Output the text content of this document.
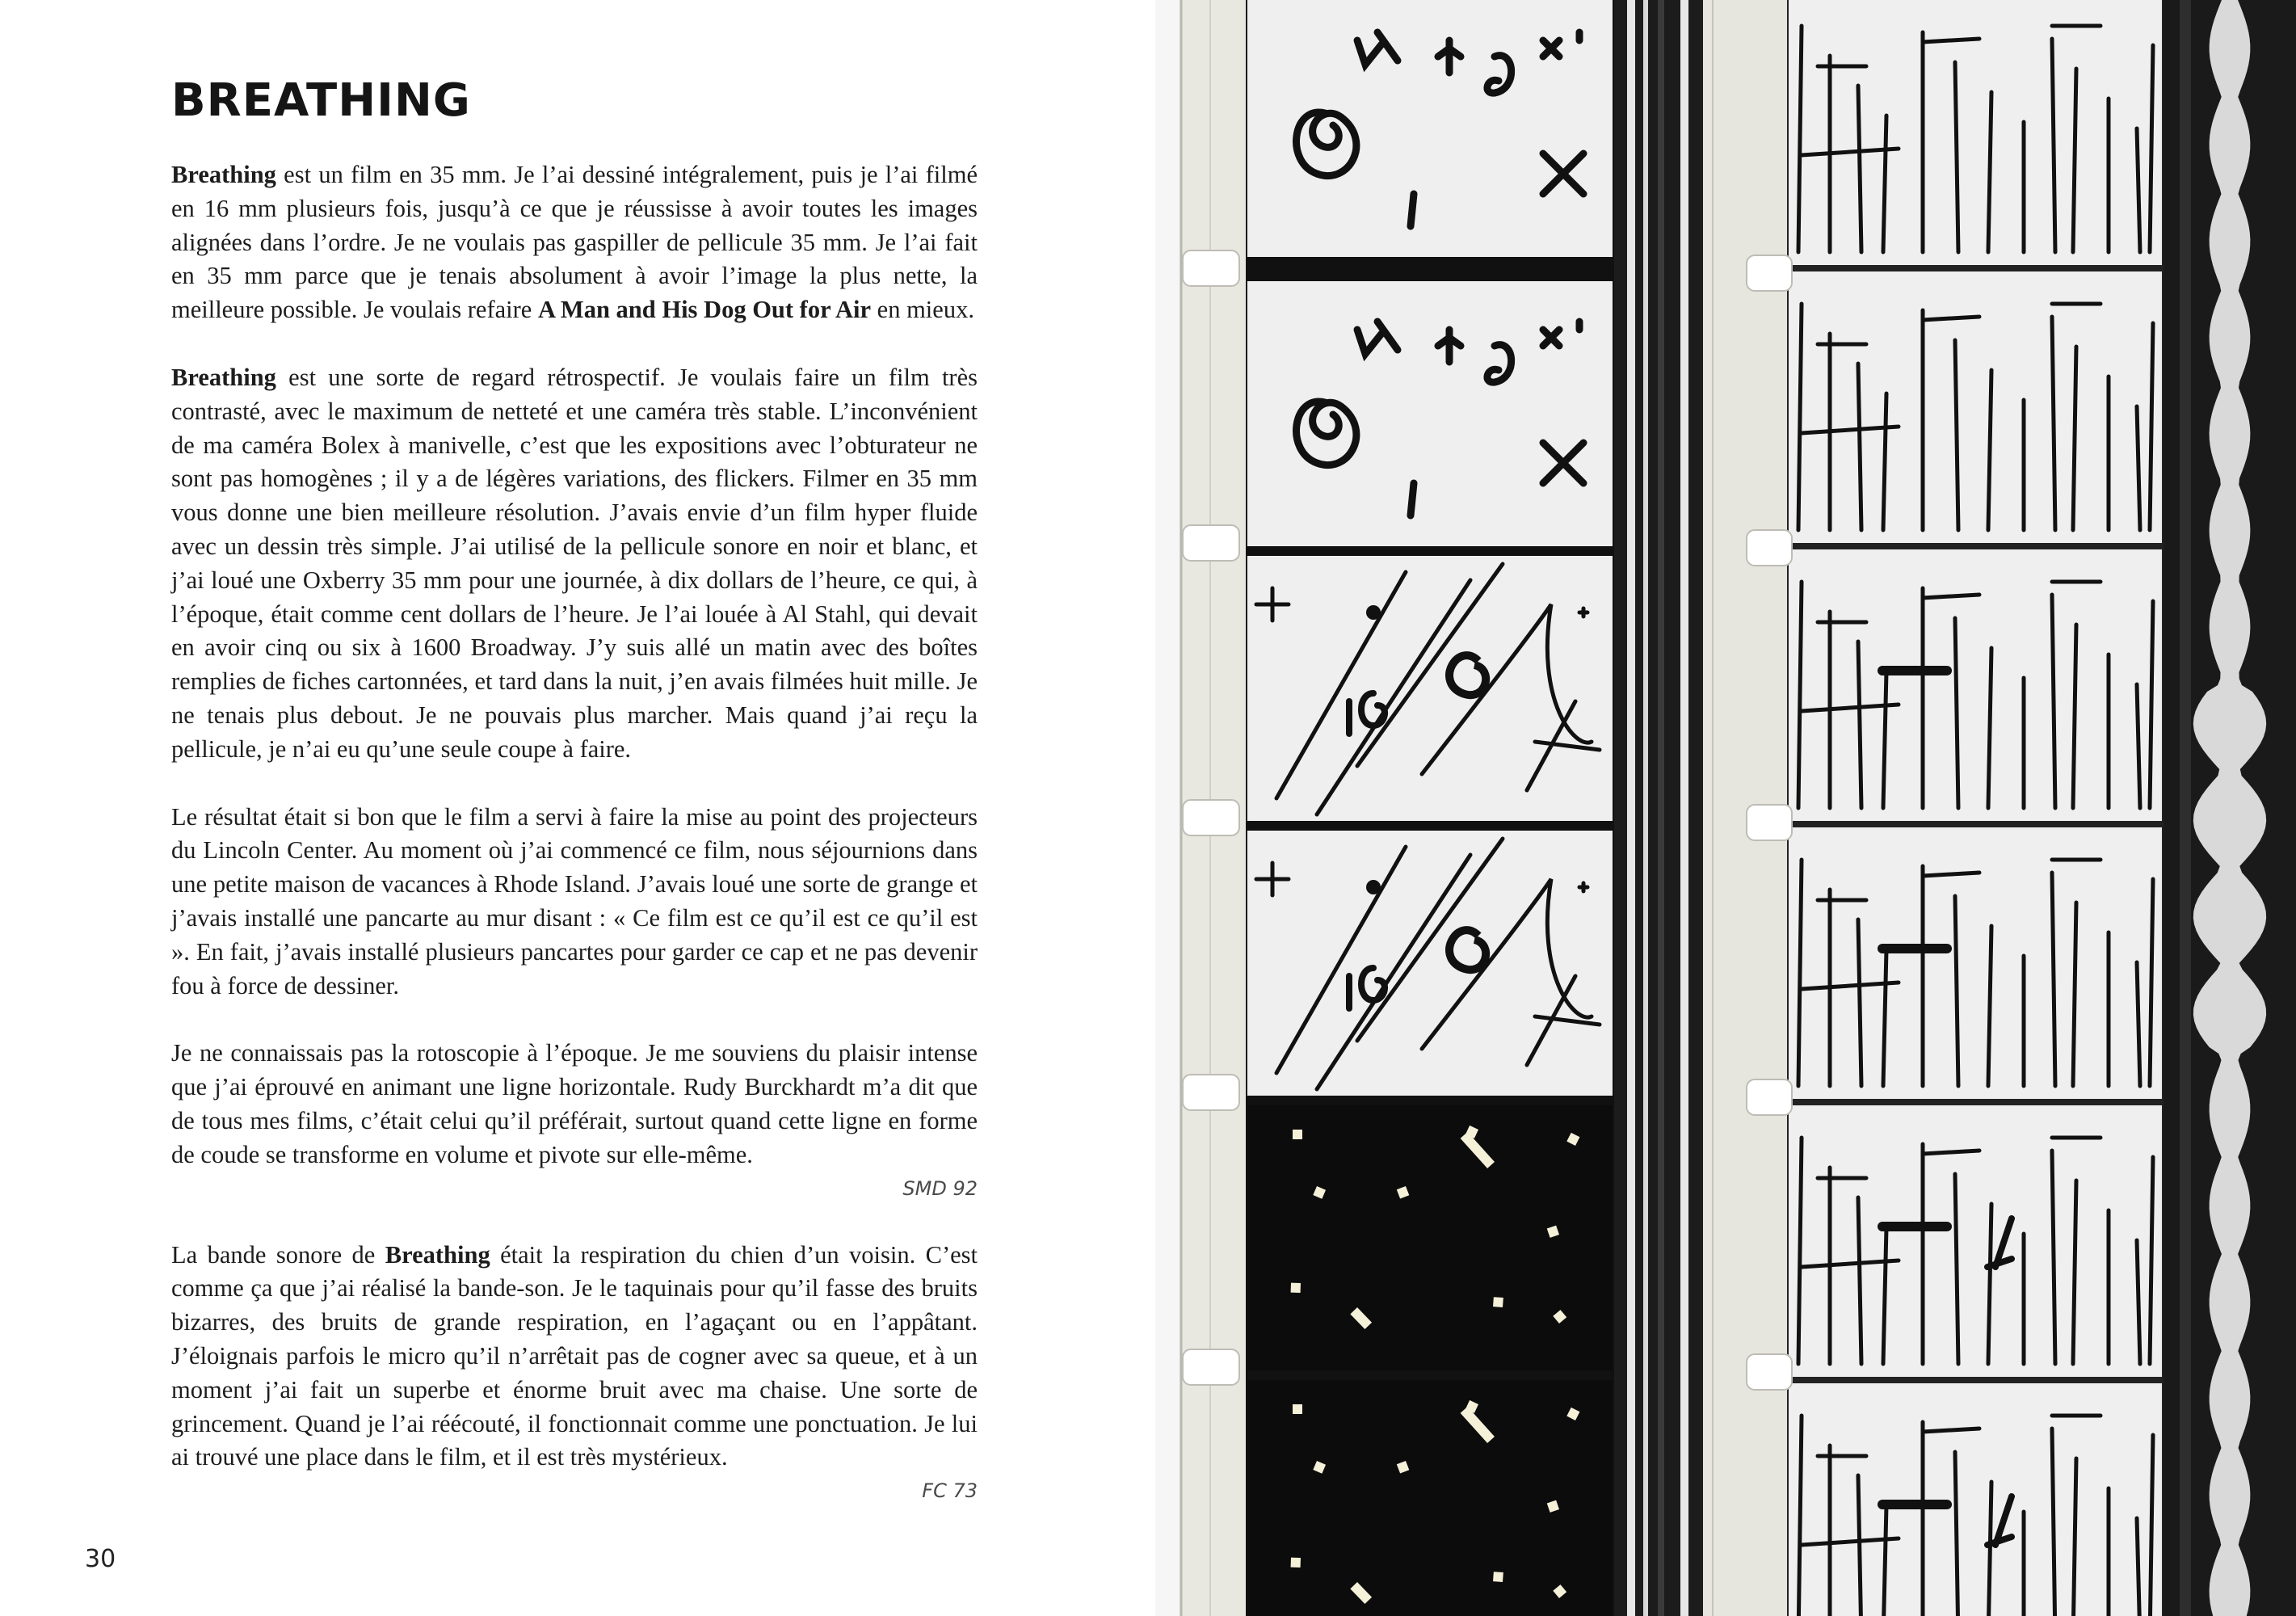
BREATHING

Breathing est un film en 35 mm. Je l’ai dessiné intégralement, puis je l’ai filmé en 16 mm plusieurs fois, jusqu’à ce que je réussisse à avoir toutes les images alignées dans l’ordre. Je ne voulais pas gaspiller de pellicule 35 mm. Je l’ai fait en 35 mm parce que je tenais absolument à avoir l’image la plus nette, la meilleure possible. Je voulais refaire A Man and His Dog Out for Air en mieux.

Breathing est une sorte de regard rétrospectif. Je voulais faire un film très contrasté, avec le maximum de netteté et une caméra très stable. L’inconvénient de ma caméra Bolex à manivelle, c’est que les expositions avec l’obturateur ne sont pas homogènes ; il y a de légères variations, des flickers. Filmer en 35 mm vous donne une bien meilleure résolution. J’avais envie d’un film hyper fluide avec un dessin très simple. J’ai utilisé de la pellicule sonore en noir et blanc, et j’ai loué une Oxberry 35 mm pour une journée, à dix dollars de l’heure, ce qui, à l’époque, était comme cent dollars de l’heure. Je l’ai louée à Al Stahl, qui devait en avoir cinq ou six à 1600 Broadway. J’y suis allé un matin avec des boîtes remplies de fiches cartonnées, et tard dans la nuit, j’en avais filmées huit mille. Je ne tenais plus debout. Je ne pouvais plus marcher. Mais quand j’ai reçu la pellicule, je n’ai eu qu’une seule coupe à faire.

Le résultat était si bon que le film a servi à faire la mise au point des projecteurs du Lincoln Center. Au moment où j’ai commencé ce film, nous séjournions dans une petite maison de vacances à Rhode Island. J’avais loué une sorte de grange et j’avais installé une pancarte au mur disant : « Ce film est ce qu’il est ce qu’il est ». En fait, j’avais installé plusieurs pancartes pour garder ce cap et ne pas devenir fou à force de dessiner.

Je ne connaissais pas la rotoscopie à l’époque. Je me souviens du plaisir intense que j’ai éprouvé en animant une ligne horizontale. Rudy Burckhardt m’a dit que de tous mes films, c’était celui qu’il préférait, surtout quand cette ligne en forme de coude se transforme en volume et pivote sur elle-même.

SMD 92

La bande sonore de Breathing était la respiration du chien d’un voisin. C’est comme ça que j’ai réalisé la bande-son. Je le taquinais pour qu’il fasse des bruits bizarres, des bruits de grande respiration, en l’agaçant ou en l’appâtant. J’éloignais parfois le micro qu’il n’arrêtait pas de cogner avec sa queue, et à un moment j’ai fait un superbe et énorme bruit avec ma chaise. Une sorte de grincement. Quand je l’ai réécouté, il fonctionnait comme une ponctuation. Je lui ai trouvé une place dans le film, et il est très mystérieux.

FC 73
30
